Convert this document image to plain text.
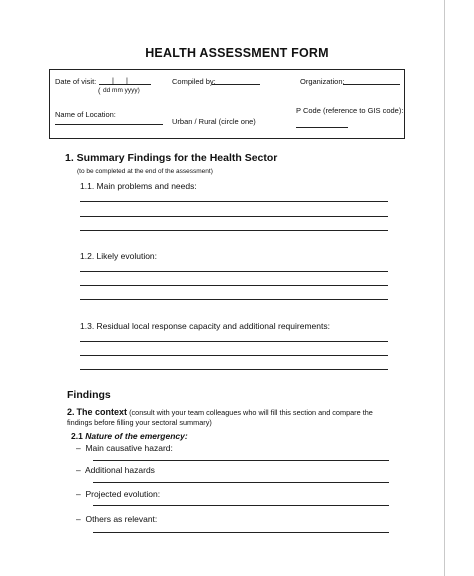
HEALTH ASSESSMENT FORM
Date of visit: | |
( dd mm yyyy)
Compiled by:	Organization:
Name of Location:
Urban / Rural (circle one)
P Code (reference to GIS code):
1. Summary Findings for the Health Sector
(to be completed at the end of the assessment)
1.1. Main problems and needs:
1.2. Likely evolution:
1.3. Residual local response capacity and additional requirements:
Findings
2. The context (consult with your team colleagues who will fill this section and compare the findings before filling your sectoral summary)
2.1 Nature of the emergency:
–  Main causative hazard:
–  Additional hazards
–  Projected evolution:
–  Others as relevant:
